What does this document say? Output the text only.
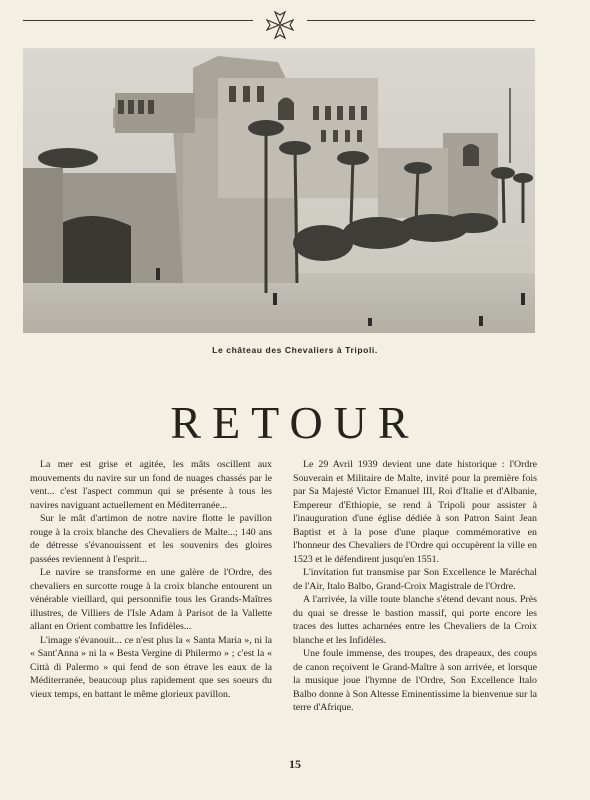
Le château des Chevaliers à Tripoli.
RETOUR

La mer est grise et agitée, les mâts oscillent aux mouvements du navire sur un fond de nuages chassés par le vent... c'est l'aspect commun qui se présente à tous les navires naviguant actuellement en Méditerranée...

Sur le mât d'artimon de notre navire flotte le pavillon rouge à la croix blanche des Chevaliers de Malte...; 140 ans de détresse s'évanouissent et les souvenirs des gloires passées reviennent à l'esprit...

Le navire se transforme en une galère de l'Ordre, des chevaliers en surcotte rouge à la croix blanche entourent un vénérable vieillard, qui personnifie tous les Grands-Maîtres illustres, de Villiers de l'Isle Adam à Parisot de la Vallette allant en Orient combattre les Infidèles...

L'image s'évanouit... ce n'est plus la « Santa Maria », ni la « Sant'Anna » ni la « Besta Vergine di Philermo » ; c'est la « Città di Palermo » qui fend de son étrave les eaux de la Méditerranée, beaucoup plus rapidement que ses soeurs du vieux temps, en battant le même glorieux pavillon.

Le 29 Avril 1939 devient une date historique : l'Ordre Souverain et Militaire de Malte, invité pour la première fois par Sa Majesté Victor Emanuel III, Roi d'Italie et d'Albanie, Empereur d'Ethiopie, se rend à Tripoli pour assister à l'inauguration d'une église dédiée à son Patron Saint Jean Baptist et à la pose d'une plaque commémorative en l'honneur des Chevaliers de l'Ordre qui occupèrent la ville en 1523 et le défendirent jusqu'en 1551.

L'invitation fut transmise par Son Excellence le Maréchal de l'Air, Italo Balbo, Grand-Croix Magistrale de l'Ordre.

A l'arrivée, la ville toute blanche s'étend devant nous. Près du quai se dresse le bastion massif, qui porte encore les traces des luttes acharnées entre les Chevaliers de la Croix blanche et les Infidèles.

Une foule immense, des troupes, des drapeaux, des coups de canon reçoivent le Grand-Maître à son arrivée, et lorsque la musique joue l'hymne de l'Ordre, Son Excellence Italo Balbo donne à Son Altesse Eminentissime la bienvenue sur la terre d'Afrique.

15
